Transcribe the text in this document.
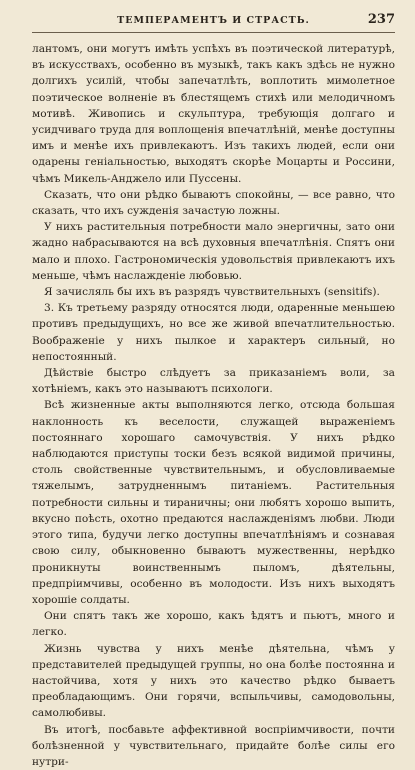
ТЕМПЕРАМЕНТЪ И СТРАСТЬ.	237

лантомъ, они могутъ имѣть успѣхъ въ поэтической литературѣ, въ искусствахъ, особенно въ музыкѣ, такъ какъ здѣсь не нужно долгихъ усилій, чтобы запечатлѣть, воплотить мимолетное поэтическое волненіе въ блестящемъ стихѣ или мелодичномъ мотивѣ. Живопись и скульптура, требующія долгаго и усидчиваго труда для воплощенія впечатлѣній, менѣе доступны имъ и менѣе ихъ привлекаютъ. Изъ такихъ людей, если они одарены геніальностью, выходятъ скорѣе Моцарты и Россини, чѣмъ Микель-Анджело или Пуссены.

Сказать, что они рѣдко бываютъ спокойны, — все равно, что сказать, что ихъ сужденія зачастую ложны.

У нихъ растительныя потребности мало энергичны, зато они жадно набрасываются на всѣ духовныя впечатлѣнія. Спятъ они мало и плохо. Гастрономическія удовольствія привлекаютъ ихъ меньше, чѣмъ наслажденіе любовью.

Я зачисляль бы ихъ въ разрядъ чувствительныхъ (sensitifs).

3. Къ третьему разряду относятся люди, одаренные меньшею противъ предыдущихъ, но все же живой впечатлительностью. Воображеніе у нихъ пылкое и характеръ сильный, но непостоянный.

Дѣйствіе быстро слѣдуетъ за приказаніемъ воли, за хотѣніемъ, какъ это называютъ психологи.

Всѣ жизненные акты выполняются легко, отсюда большая наклонность къ веселости, служащей выраженіемъ постояннаго хорошаго самочувствія. У нихъ рѣдко наблюдаются приступы тоски безъ всякой видимой причины, столь свойственные чувствительнымъ, и обусловливаемые тяжелымъ, затрудненнымъ питаніемъ. Растительныя потребности сильны и тираничны; они любятъ хорошо выпить, вкусно поѣсть, охотно предаются наслажденіямъ любви. Люди этого типа, будучи легко доступны впечатлѣніямъ и сознавая свою силу, обыкновенно бываютъ мужественны, нерѣдко проникнуты воинственнымъ пыломъ, дѣятельны, предпріимчивы, особенно въ молодости. Изъ нихъ выходятъ хорошіе солдаты.

Они спятъ такъ же хорошо, какъ ѣдятъ и пьютъ, много и легко.

Жизнь чувства у нихъ менѣе дѣятельна, чѣмъ у представителей предыдущей группы, но она болѣе постоянна и настойчива, хотя у нихъ это качество рѣдко бываетъ преобладающимъ. Они горячи, вспыльчивы, самодовольны, самолюбивы.

Въ итогѣ, посбавьте аффективной воспріимчивости, почти болѣзненной у чувствительнаго, придайте болѣе силы его нутри-
